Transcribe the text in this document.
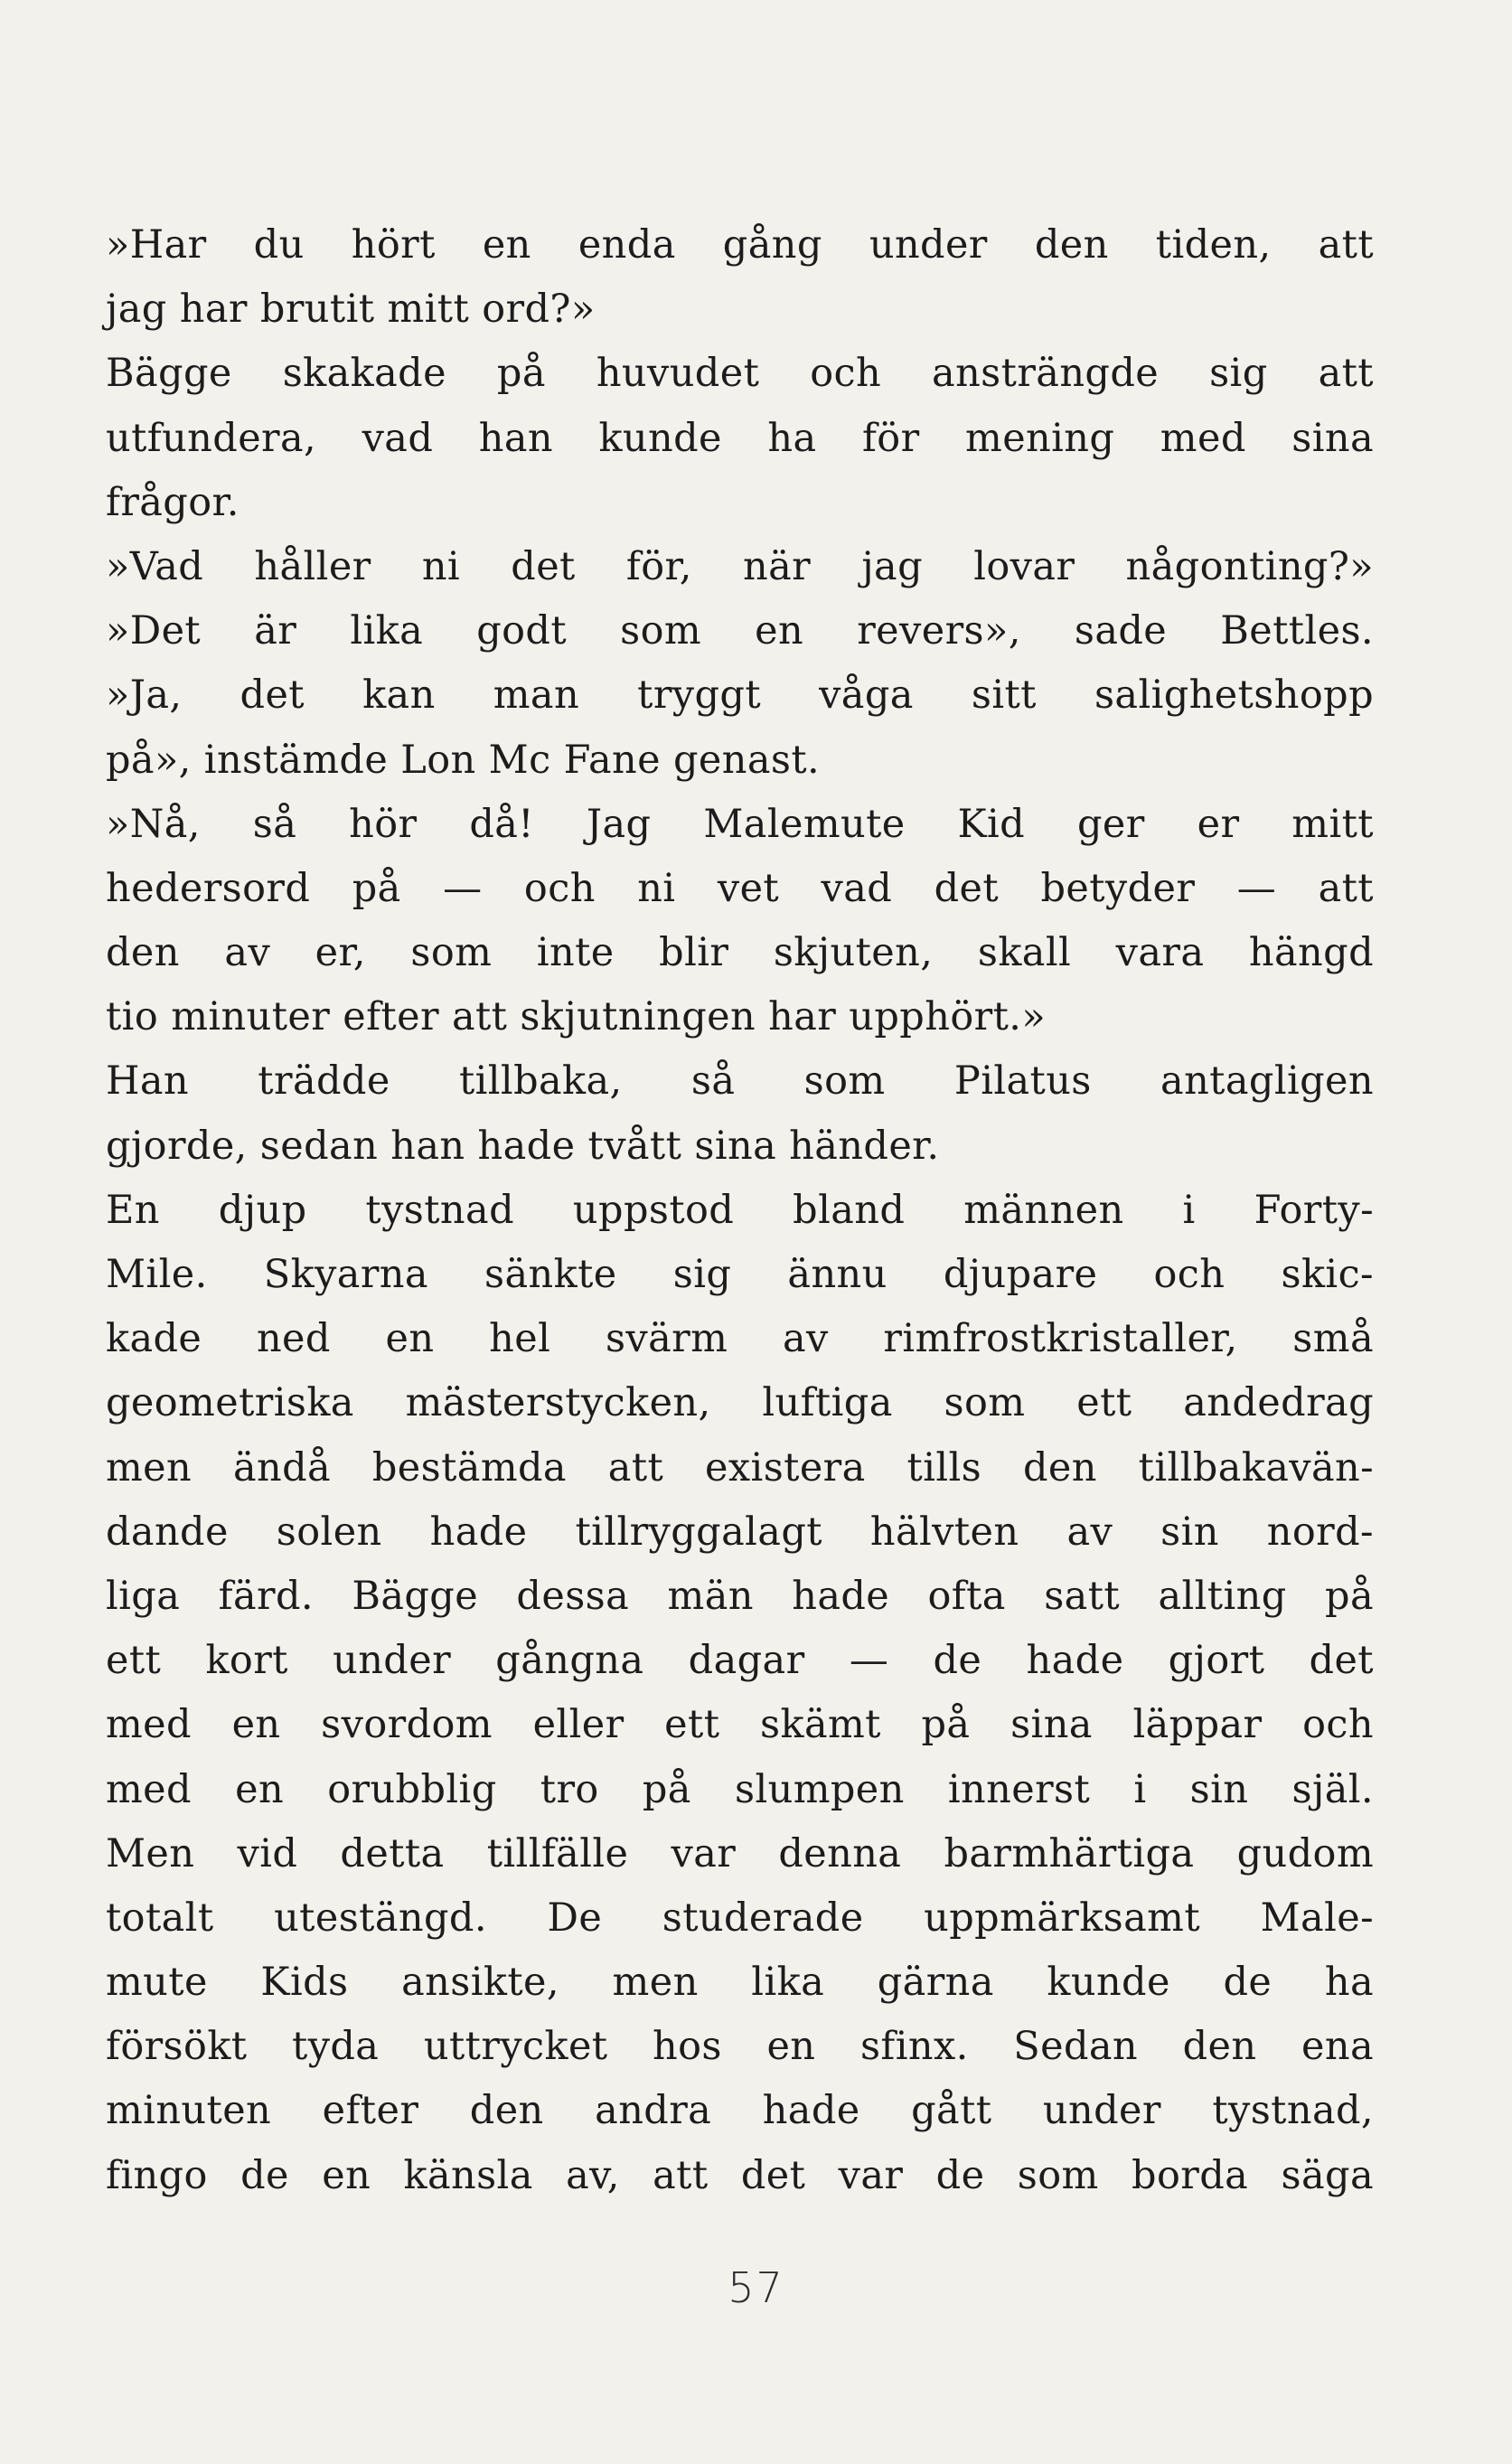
»Har du hört en enda gång under den tiden, att
jag har brutit mitt ord?»
Bägge skakade på huvudet och ansträngde sig att
utfundera, vad han kunde ha för mening med sina
frågor.
»Vad håller ni det för, när jag lovar någonting?»
»Det är lika godt som en revers», sade Bettles.
»Ja, det kan man tryggt våga sitt salighetshopp
på», instämde Lon Mc Fane genast.
»Nå, så hör då! Jag Malemute Kid ger er mitt
hedersord på — och ni vet vad det betyder — att
den av er, som inte blir skjuten, skall vara hängd
tio minuter efter att skjutningen har upphört.»
Han trädde tillbaka, så som Pilatus antagligen
gjorde, sedan han hade tvått sina händer.
En djup tystnad uppstod bland männen i Forty-
Mile. Skyarna sänkte sig ännu djupare och skic-
kade ned en hel svärm av rimfrostkristaller, små
geometriska mästerstycken, luftiga som ett andedrag
men ändå bestämda att existera tills den tillbakavän-
dande solen hade tillryggalagt hälvten av sin nord-
liga färd. Bägge dessa män hade ofta satt allting på
ett kort under gångna dagar — de hade gjort det
med en svordom eller ett skämt på sina läppar och
med en orubblig tro på slumpen innerst i sin själ.
Men vid detta tillfälle var denna barmhärtiga gudom
totalt utestängd. De studerade uppmärksamt Male-
mute Kids ansikte, men lika gärna kunde de ha
försökt tyda uttrycket hos en sfinx. Sedan den ena
minuten efter den andra hade gått under tystnad,
fingo de en känsla av, att det var de som borda säga
57
